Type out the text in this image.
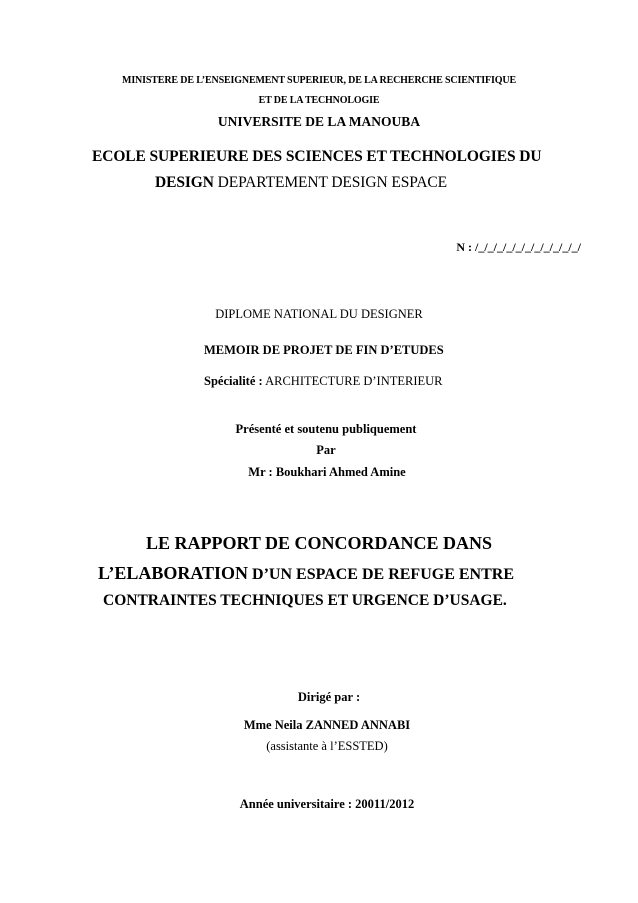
MINISTERE DE L’ENSEIGNEMENT SUPERIEUR, DE LA RECHERCHE SCIENTIFIQUE
ET DE LA TECHNOLOGIE
UNIVERSITE DE LA MANOUBA
ECOLE SUPERIEURE DES SCIENCES ET TECHNOLOGIES DU
DESIGN DEPARTEMENT DESIGN ESPACE
N : /_/_/_/_/_/_/_/_/_/_/_/
DIPLOME NATIONAL DU DESIGNER
MEMOIR DE PROJET DE FIN D’ETUDES
Spécialité : ARCHITECTURE D’INTERIEUR
Présenté et soutenu publiquement
Par
Mr : Boukhari Ahmed Amine
LE RAPPORT DE CONCORDANCE DANS
L’ELABORATION D’UN ESPACE DE REFUGE ENTRE
CONTRAINTES TECHNIQUES ET URGENCE D’USAGE.
Dirigé par :
Mme Neila ZANNED ANNABI
(assistante à l’ESSTED)
Année universitaire : 20011/2012
